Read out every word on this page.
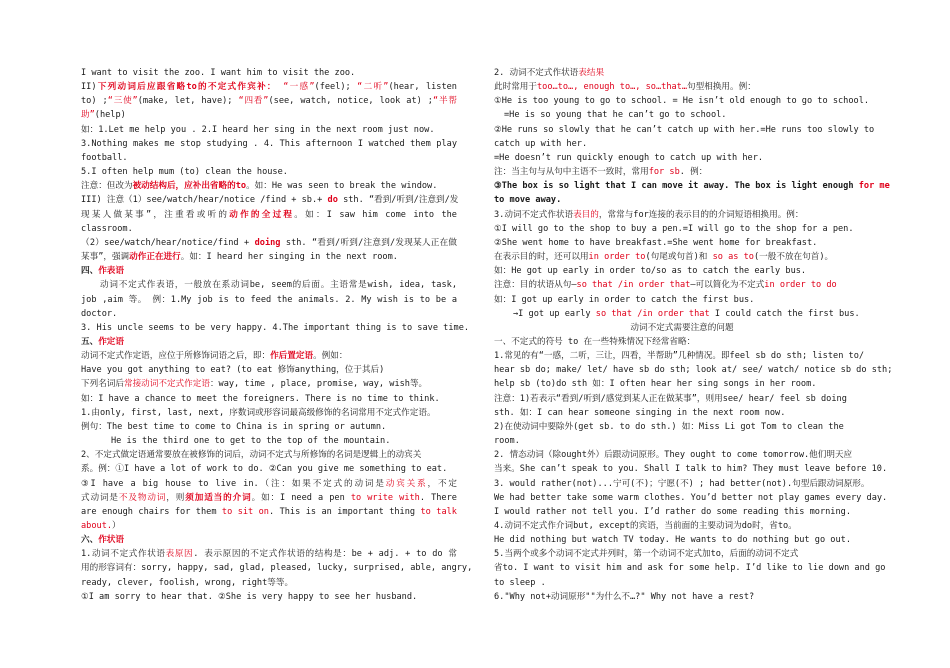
I want to visit the zoo. I want him to visit the zoo.
II)下列动词后应跟省略to的不定式作宾补： “一感”(feel); “二听”(hear, listen
to) ;“三使”(make, let, have); “四看”(see, watch, notice, look at) ;“半帮
助”(help)
如：1.Let me help you . 2.I heard her sing in the next room just now.
3.Nothing makes me stop studying . 4. This afternoon I watched them play
football.
5.I often help mum (to) clean the house.
注意：但改为被动结构后，应补出省略的to。如：He was seen to break the window.
III) 注意（1）see/watch/hear/notice /find + sb.+ do sth. “看到/听到/注意到/发
现某人做某事”，注重看或听的动作的全过程。如：I saw him come into the
classroom.
（2）see/watch/hear/notice/find + doing sth. “看到/听到/注意到/发现某人正在做
某事”，强调动作正在进行。如：I heard her singing in the next room.
四、作表语
动词不定式作表语，一般放在系动词be, seem的后面。主语常是wish, idea, task,
job ,aim 等。 例：1.My job is to feed the animals. 2. My wish is to be a
doctor.
3. His uncle seems to be very happy. 4.The important thing is to save time.
五、作定语
动词不定式作定语，应位于所修饰词语之后，即：作后置定语。例如：
Have you got anything to eat? (to eat 修饰anything，位于其后)
下列名词后常接动词不定式作定语：way, time , place, promise, way, wish等。
如：I have a chance to meet the foreigners. There is no time to think.
1.由only, first, last, next, 序数词或形容词最高级修饰的名词常用不定式作定语。
例句：The best time to come to China is in spring or autumn.
He is the third one to get to the top of the mountain.
2、不定式做定语通常要放在被修饰的词后，动词不定式与所修饰的名词是逻辑上的动宾关
系。例：①I have a lot of work to do. ②Can you give me something to eat.
③I have a big house to live in.（注：如果不定式的动词是动宾关系，不定
式动词是不及物动词，则须加适当的介词。如：I need a pen to write with. There
are enough chairs for them to sit on. This is an important thing to talk
about.）
六、作状语
1.动词不定式作状语表原因. 表示原因的不定式作状语的结构是：be + adj. + to do 常
用的形容词有：sorry, happy, sad, glad, pleased, lucky, surprised, able, angry,
ready, clever, foolish, wrong, right等等。
①I am sorry to hear that. ②She is very happy to see her husband.
2. 动词不定式作状语表结果
此时常用于too…to…, enough to…, so…that…句型相换用。例：
①He is too young to go to school. = He isn’t old enough to go to school.
=He is so young that he can’t go to school.
②He runs so slowly that he can’t catch up with her.=He runs too slowly to
catch up with her.
=He doesn’t run quickly enough to catch up with her.
注：当主句与从句中主语不一致时，常用for sb. 例：
③The box is so light that I can move it away. The box is light enough for me
to move away.
3.动词不定式作状语表目的，常常与for连接的表示目的的介词短语相换用。例：
①I will go to the shop to buy a pen.=I will go to the shop for a pen.
②She went home to have breakfast.=She went home for breakfast.
在表示目的时，还可以用in order to(句尾或句首)和 so as to(一般不放在句首)。
如：He got up early in order to/so as to catch the early bus.
注意：目的状语从句—so that /in order that—可以简化为不定式in order to do
如：I got up early in order to catch the first bus.
→I got up early so that /in order that I could catch the first bus.
动词不定式需要注意的问题
一、不定式的符号 to 在一些特殊情况下经常省略：
1.常见的有“一感，二听，三让，四看，半帮助”几种情况。即feel sb do sth; listen to/
hear sb do; make/ let/ have sb do sth; look at/ see/ watch/ notice sb do sth;
help sb (to)do sth 如：I often hear her sing songs in her room.
注意：1)若表示“看到/听到/感觉到某人正在做某事”，则用see/ hear/ feel sb doing
sth. 如：I can hear someone singing in the next room now.
2)在使动词中要除外(get sb. to do sth.) 如：Miss Li got Tom to clean the
room.
2. 情态动词（除ought外）后跟动词原形。They ought to come tomorrow.他们明天应
当来。She can’t speak to you. Shall I talk to him? They must leave before 10.
3. would rather(not)...宁可(不)；宁愿(不) ; had better(not).句型后跟动词原形。
We had better take some warm clothes. You’d better not play games every day.
I would rather not tell you. I’d rather do some reading this morning.
4.动词不定式作介词but, except的宾语，当前面的主要动词为do时，省to。
He did nothing but watch TV today. He wants to do nothing but go out.
5.当两个或多个动词不定式并列时，第一个动词不定式加to，后面的动词不定式
省to. I want to visit him and ask for some help. I’d like to lie down and go
to sleep .
6."Why not+动词原形""为什么不…?" Why not have a rest?
